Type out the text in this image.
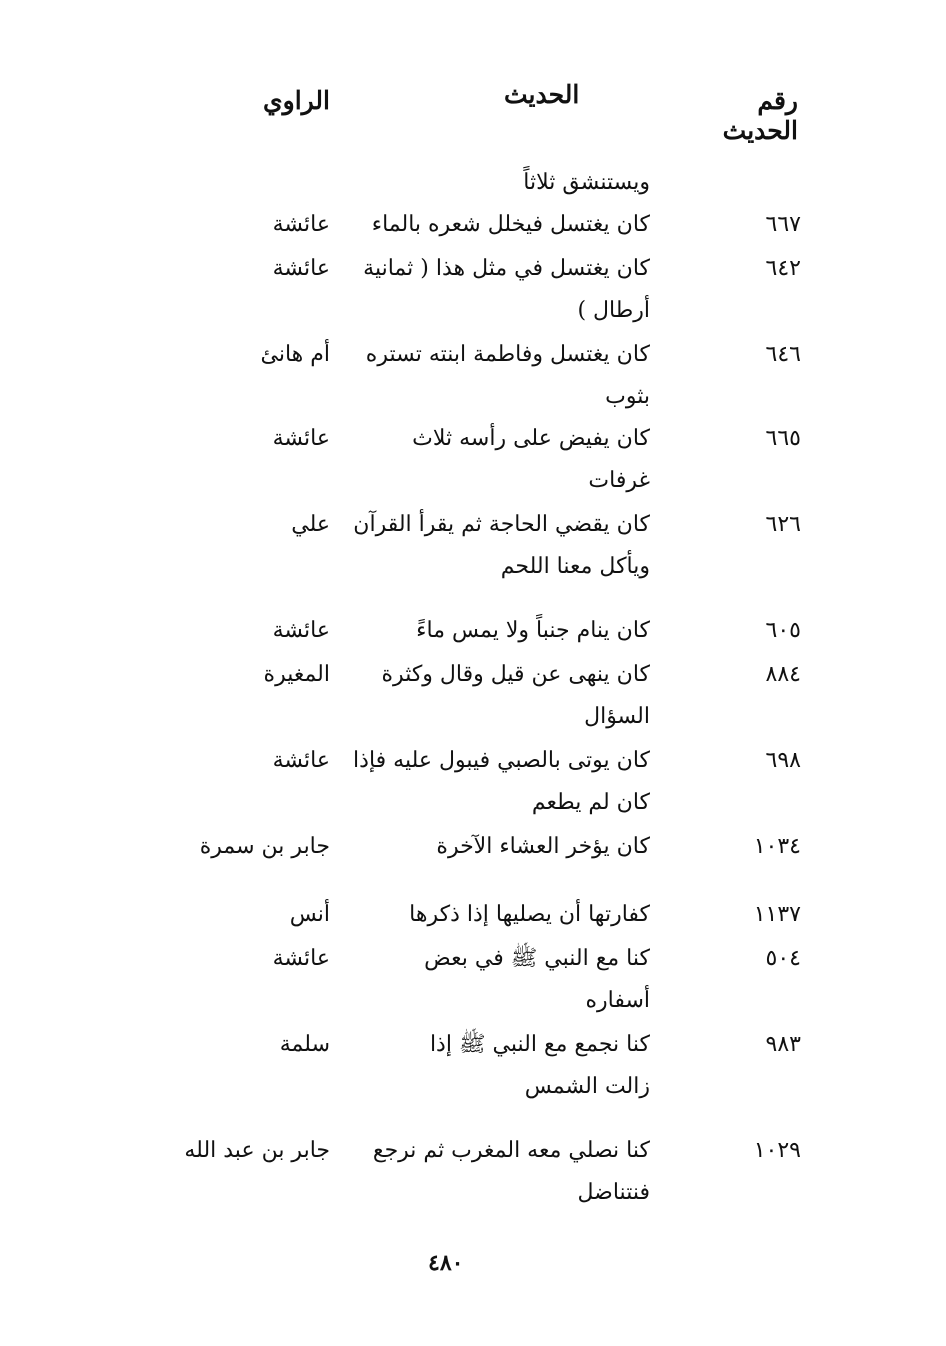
رقم
الحديث
الحديث
الراوي
ويستنشق ثلاثاً
٦٦٧
كان يغتسل فيخلل شعره بالماء
عائشة
٦٤٢
كان يغتسل في مثل هذا ( ثمانية
أرطال )
عائشة
٦٤٦
كان يغتسل وفاطمة ابنته تستره
بثوب
أم هانئ
٦٦٥
كان يفيض على رأسه ثلاث
غرفات
عائشة
٦٢٦
كان يقضي الحاجة ثم يقرأ القرآن
ويأكل معنا اللحم
علي
٦٠٥
كان ينام جنباً ولا يمس ماءً
عائشة
٨٨٤
كان ينهى عن قيل وقال وكثرة
السؤال
المغيرة
٦٩٨
كان يوتى بالصبي فيبول عليه فإذا
كان لم يطعم
عائشة
١٠٣٤
كان يؤخر العشاء الآخرة
جابر بن سمرة
١١٣٧
كفارتها أن يصليها إذا ذكرها
أنس
٥٠٤
كنا مع النبي ﷺ في بعض
أسفاره
عائشة
٩٨٣
كنا نجمع مع النبي ﷺ إذا
زالت الشمس
سلمة
١٠٢٩
كنا نصلي معه المغرب ثم نرجع
فنتناضل
جابر بن عبد الله
٤٨٠
